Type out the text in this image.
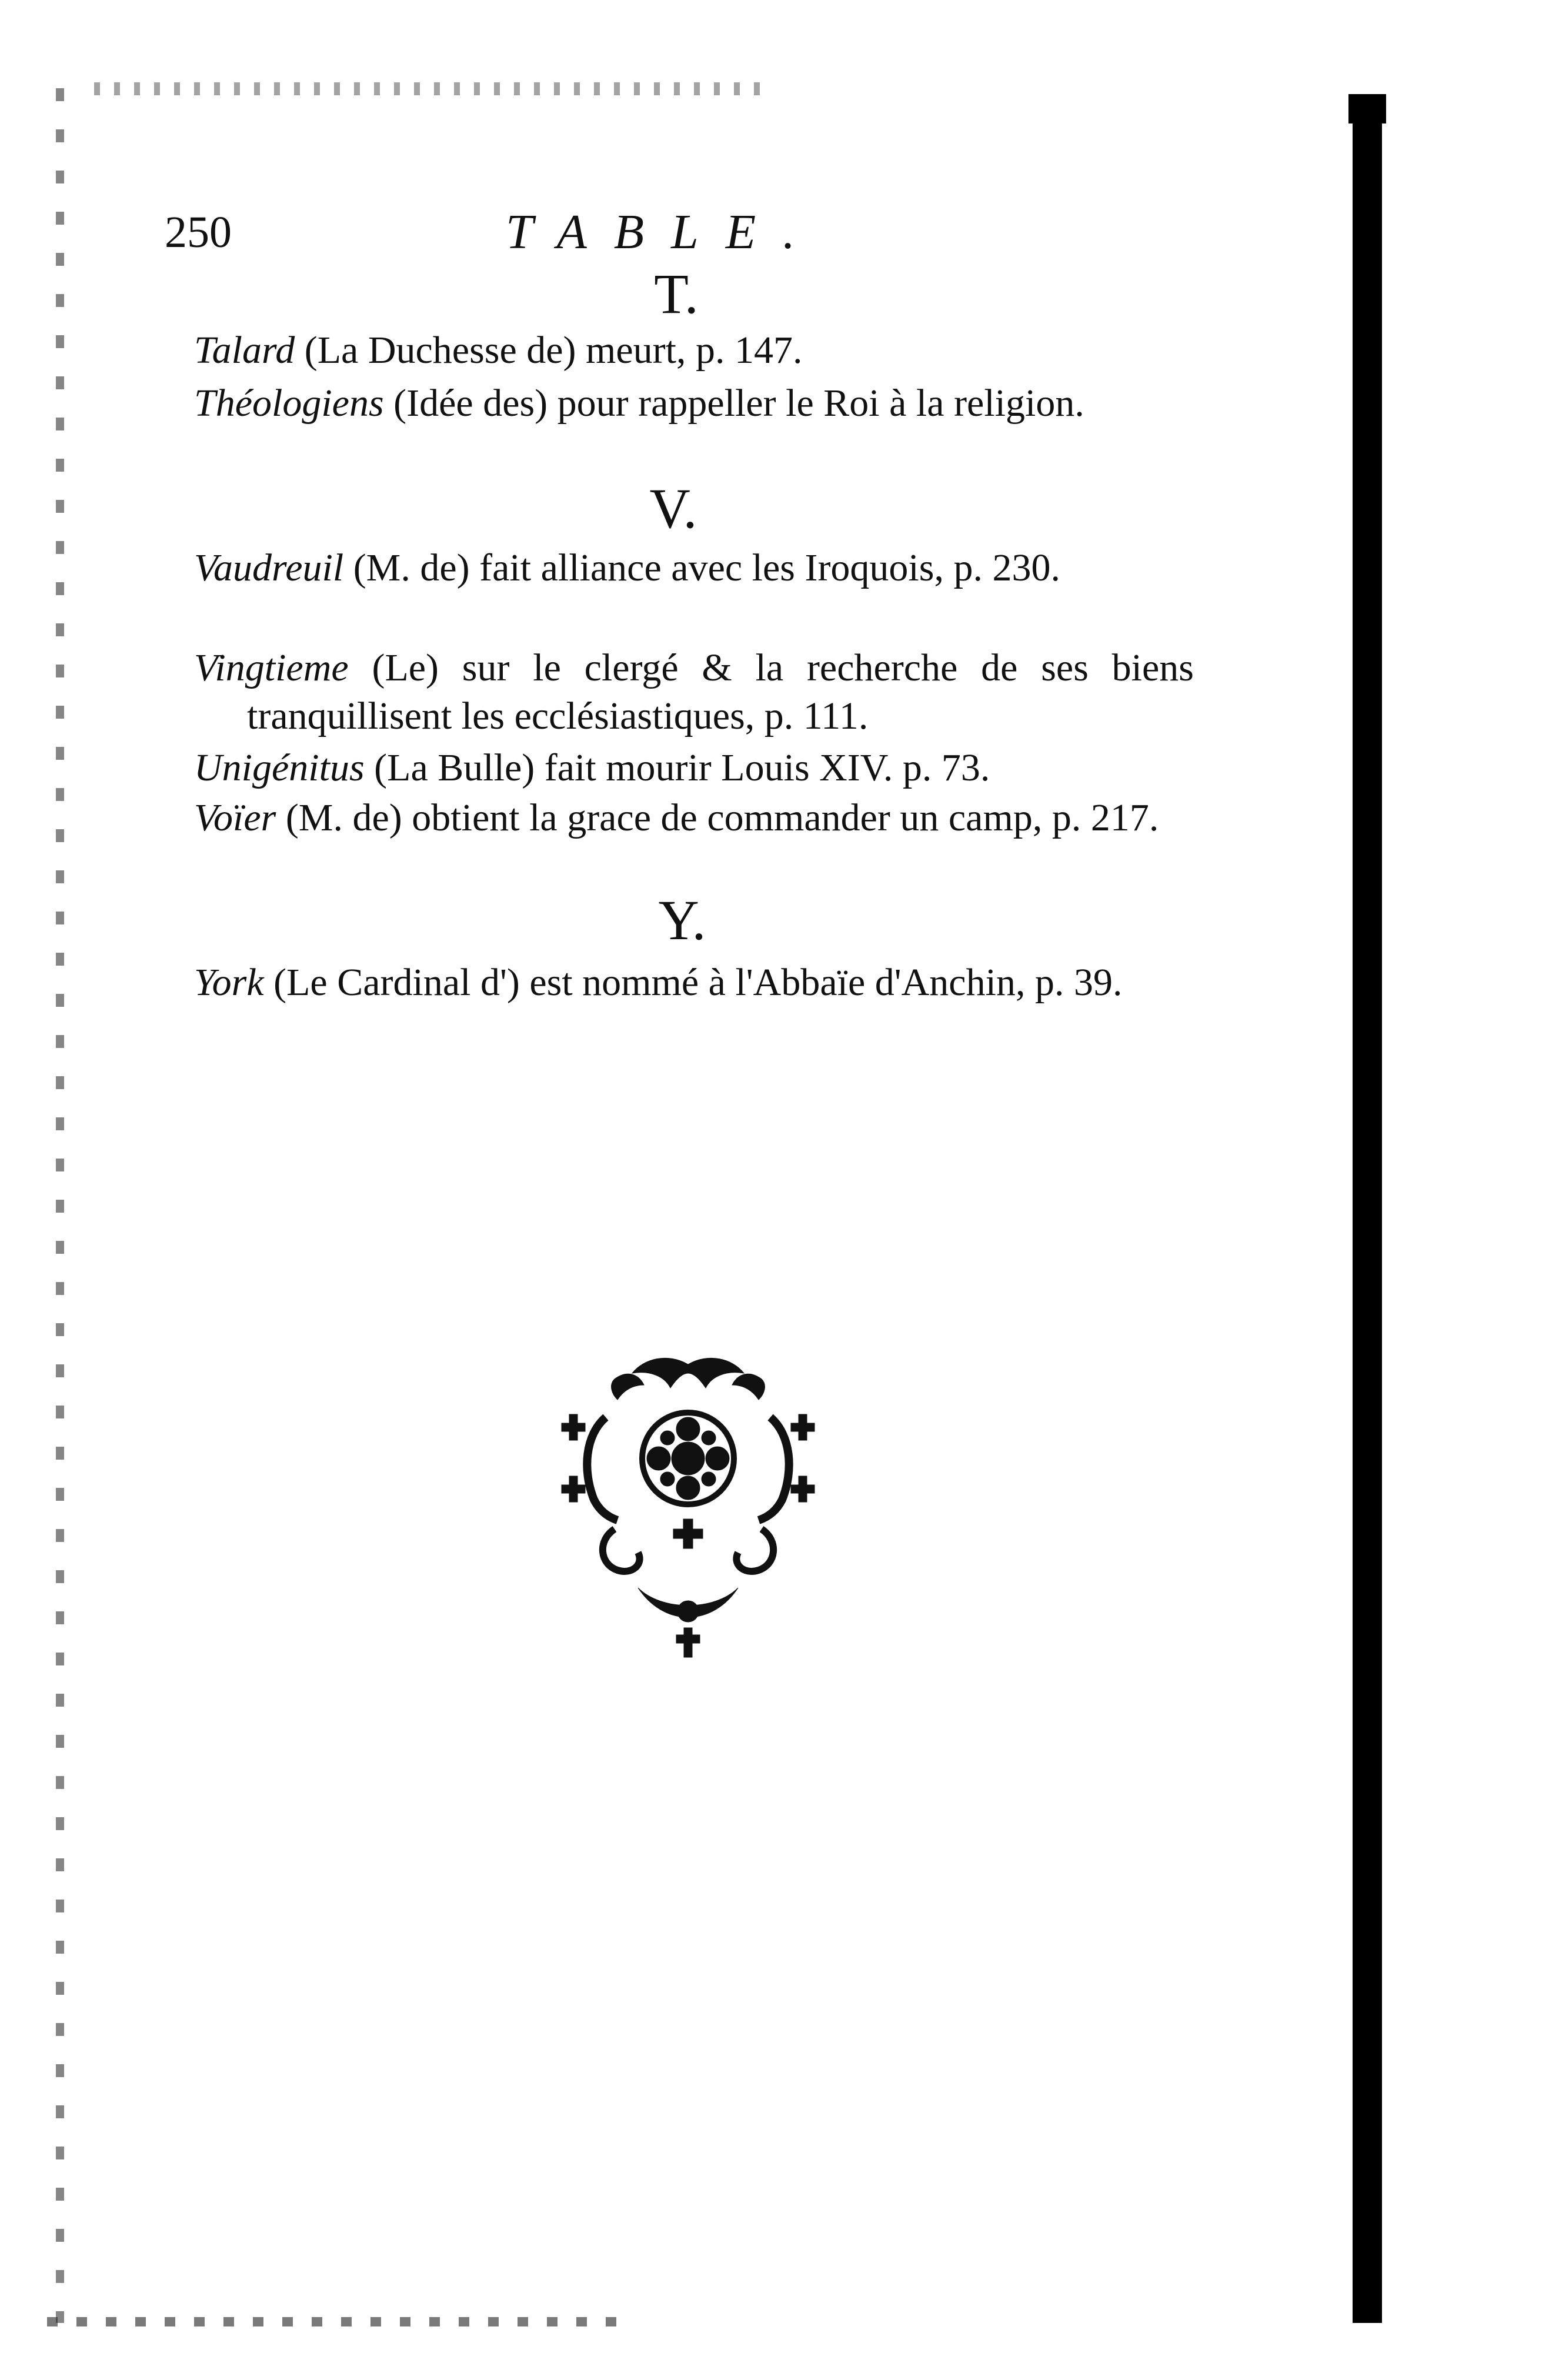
250	TABLE.
T.
Talard (La Duchesse de) meurt, p. 147.
Théologiens (Idée des) pour rappeller le Roi à la religion.
V.
Vaudreuil (M. de) fait alliance avec les Iroquois, p. 230.
Vingtieme (Le) sur le clergé & la recherche de ses biens tranquillisent les ecclésiastiques, p. 111.
Unigénitus (La Bulle) fait mourir Louis XIV. p. 73.
Voïer (M. de) obtient la grace de commander un camp, p. 217.
Y.
York (Le Cardinal d') est nommé à l'Abbaïe d'Anchin, p. 39.
